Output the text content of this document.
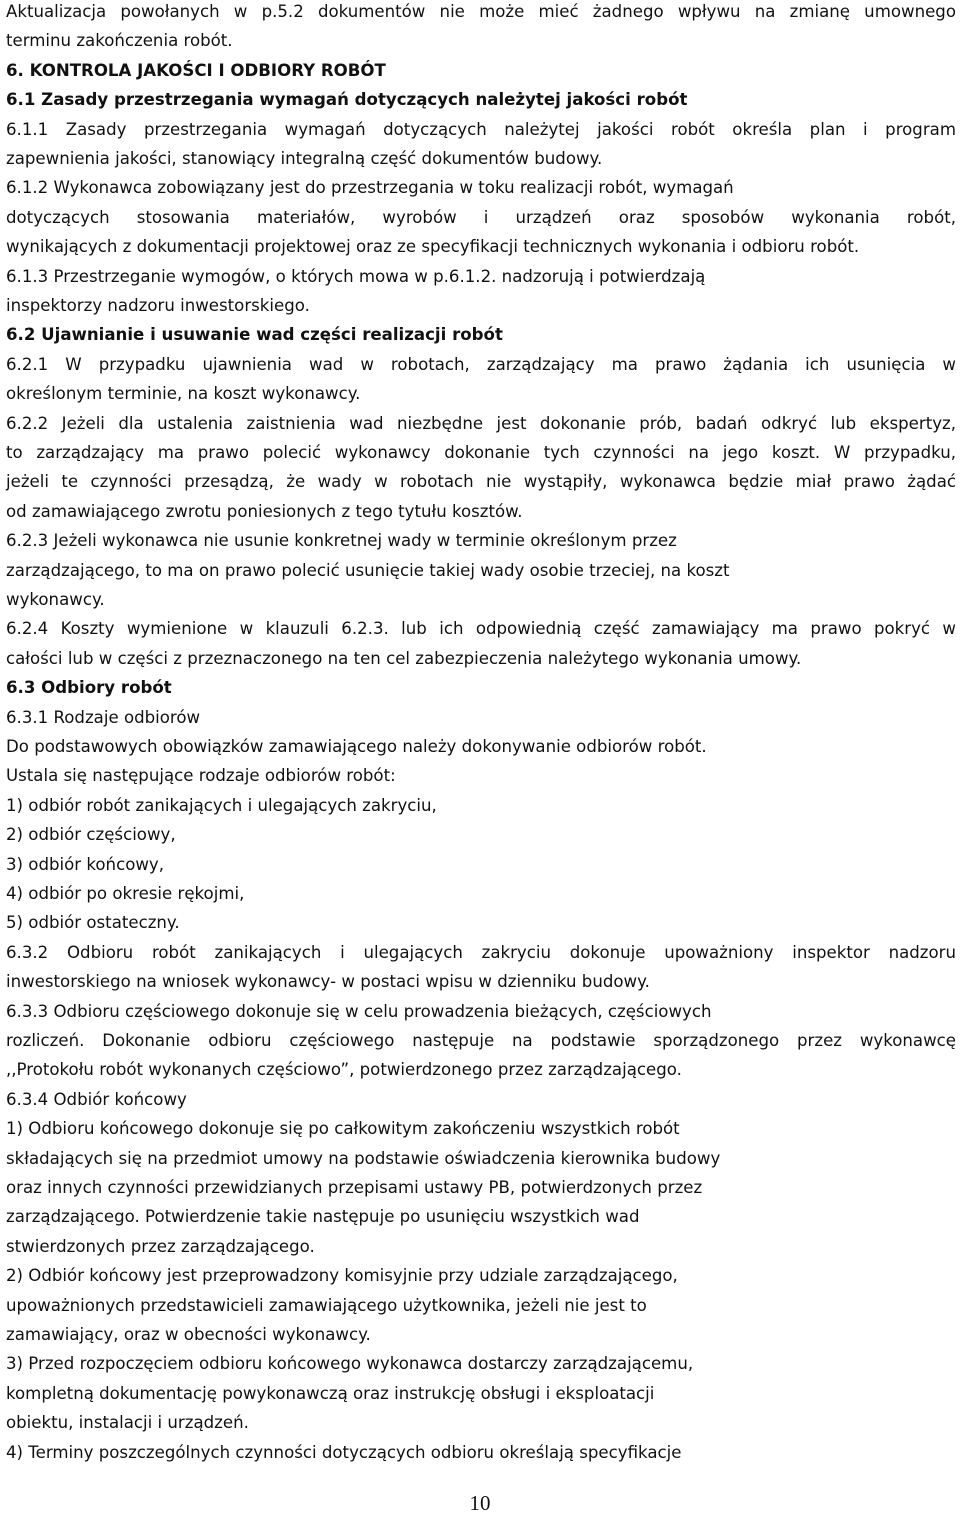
Aktualizacja powołanych w p.5.2 dokumentów nie może mieć żadnego wpływu na zmianę umownego
terminu zakończenia robót.
6. KONTROLA JAKOŚCI I ODBIORY ROBÓT
6.1 Zasady przestrzegania wymagań dotyczących należytej jakości robót
6.1.1 Zasady przestrzegania wymagań dotyczących należytej jakości robót określa plan i program
zapewnienia jakości, stanowiący integralną część dokumentów budowy.
6.1.2 Wykonawca zobowiązany jest do przestrzegania w toku realizacji robót, wymagań
dotyczących stosowania materiałów, wyrobów i urządzeń oraz sposobów wykonania robót,
wynikających z dokumentacji projektowej oraz ze specyfikacji technicznych wykonania i odbioru robót.
6.1.3 Przestrzeganie wymogów, o których mowa w p.6.1.2. nadzorują i potwierdzają
inspektorzy nadzoru inwestorskiego.
6.2 Ujawnianie i usuwanie wad części realizacji robót
6.2.1 W przypadku ujawnienia wad w robotach, zarządzający ma prawo żądania ich usunięcia w
określonym terminie, na koszt wykonawcy.
6.2.2 Jeżeli dla ustalenia zaistnienia wad niezbędne jest dokonanie prób, badań odkryć lub ekspertyz,
to zarządzający ma prawo polecić wykonawcy dokonanie tych czynności na jego koszt. W przypadku,
jeżeli te czynności przesądzą, że wady w robotach nie wystąpiły, wykonawca będzie miał prawo żądać
od zamawiającego zwrotu poniesionych z tego tytułu kosztów.
6.2.3 Jeżeli wykonawca nie usunie konkretnej wady w terminie określonym przez
zarządzającego, to ma on prawo polecić usunięcie takiej wady osobie trzeciej, na koszt
wykonawcy.
6.2.4 Koszty wymienione w klauzuli 6.2.3. lub ich odpowiednią część zamawiający ma prawo pokryć w
całości lub w części z przeznaczonego na ten cel zabezpieczenia należytego wykonania umowy.
6.3 Odbiory robót
6.3.1 Rodzaje odbiorów
Do podstawowych obowiązków zamawiającego należy dokonywanie odbiorów robót.
Ustala się następujące rodzaje odbiorów robót:
1) odbiór robót zanikających i ulegających zakryciu,
2) odbiór częściowy,
3) odbiór końcowy,
4) odbiór po okresie rękojmi,
5) odbiór ostateczny.
6.3.2 Odbioru robót zanikających i ulegających zakryciu dokonuje upoważniony inspektor nadzoru
inwestorskiego na wniosek wykonawcy- w postaci wpisu w dzienniku budowy.
6.3.3 Odbioru częściowego dokonuje się w celu prowadzenia bieżących, częściowych
rozliczeń. Dokonanie odbioru częściowego następuje na podstawie sporządzonego przez wykonawcę
,,Protokołu robót wykonanych częściowo”, potwierdzonego przez zarządzającego.
6.3.4 Odbiór końcowy
1) Odbioru końcowego dokonuje się po całkowitym zakończeniu wszystkich robót
składających się na przedmiot umowy na podstawie oświadczenia kierownika budowy
oraz innych czynności przewidzianych przepisami ustawy PB, potwierdzonych przez
zarządzającego. Potwierdzenie takie następuje po usunięciu wszystkich wad
stwierdzonych przez zarządzającego.
2) Odbiór końcowy jest przeprowadzony komisyjnie przy udziale zarządzającego,
upoważnionych przedstawicieli zamawiającego użytkownika, jeżeli nie jest to
zamawiający, oraz w obecności wykonawcy.
3) Przed rozpoczęciem odbioru końcowego wykonawca dostarczy zarządzającemu,
kompletną dokumentację powykonawczą oraz instrukcję obsługi i eksploatacji
obiektu, instalacji i urządzeń.
4) Terminy poszczególnych czynności dotyczących odbioru określają specyfikacje
10
